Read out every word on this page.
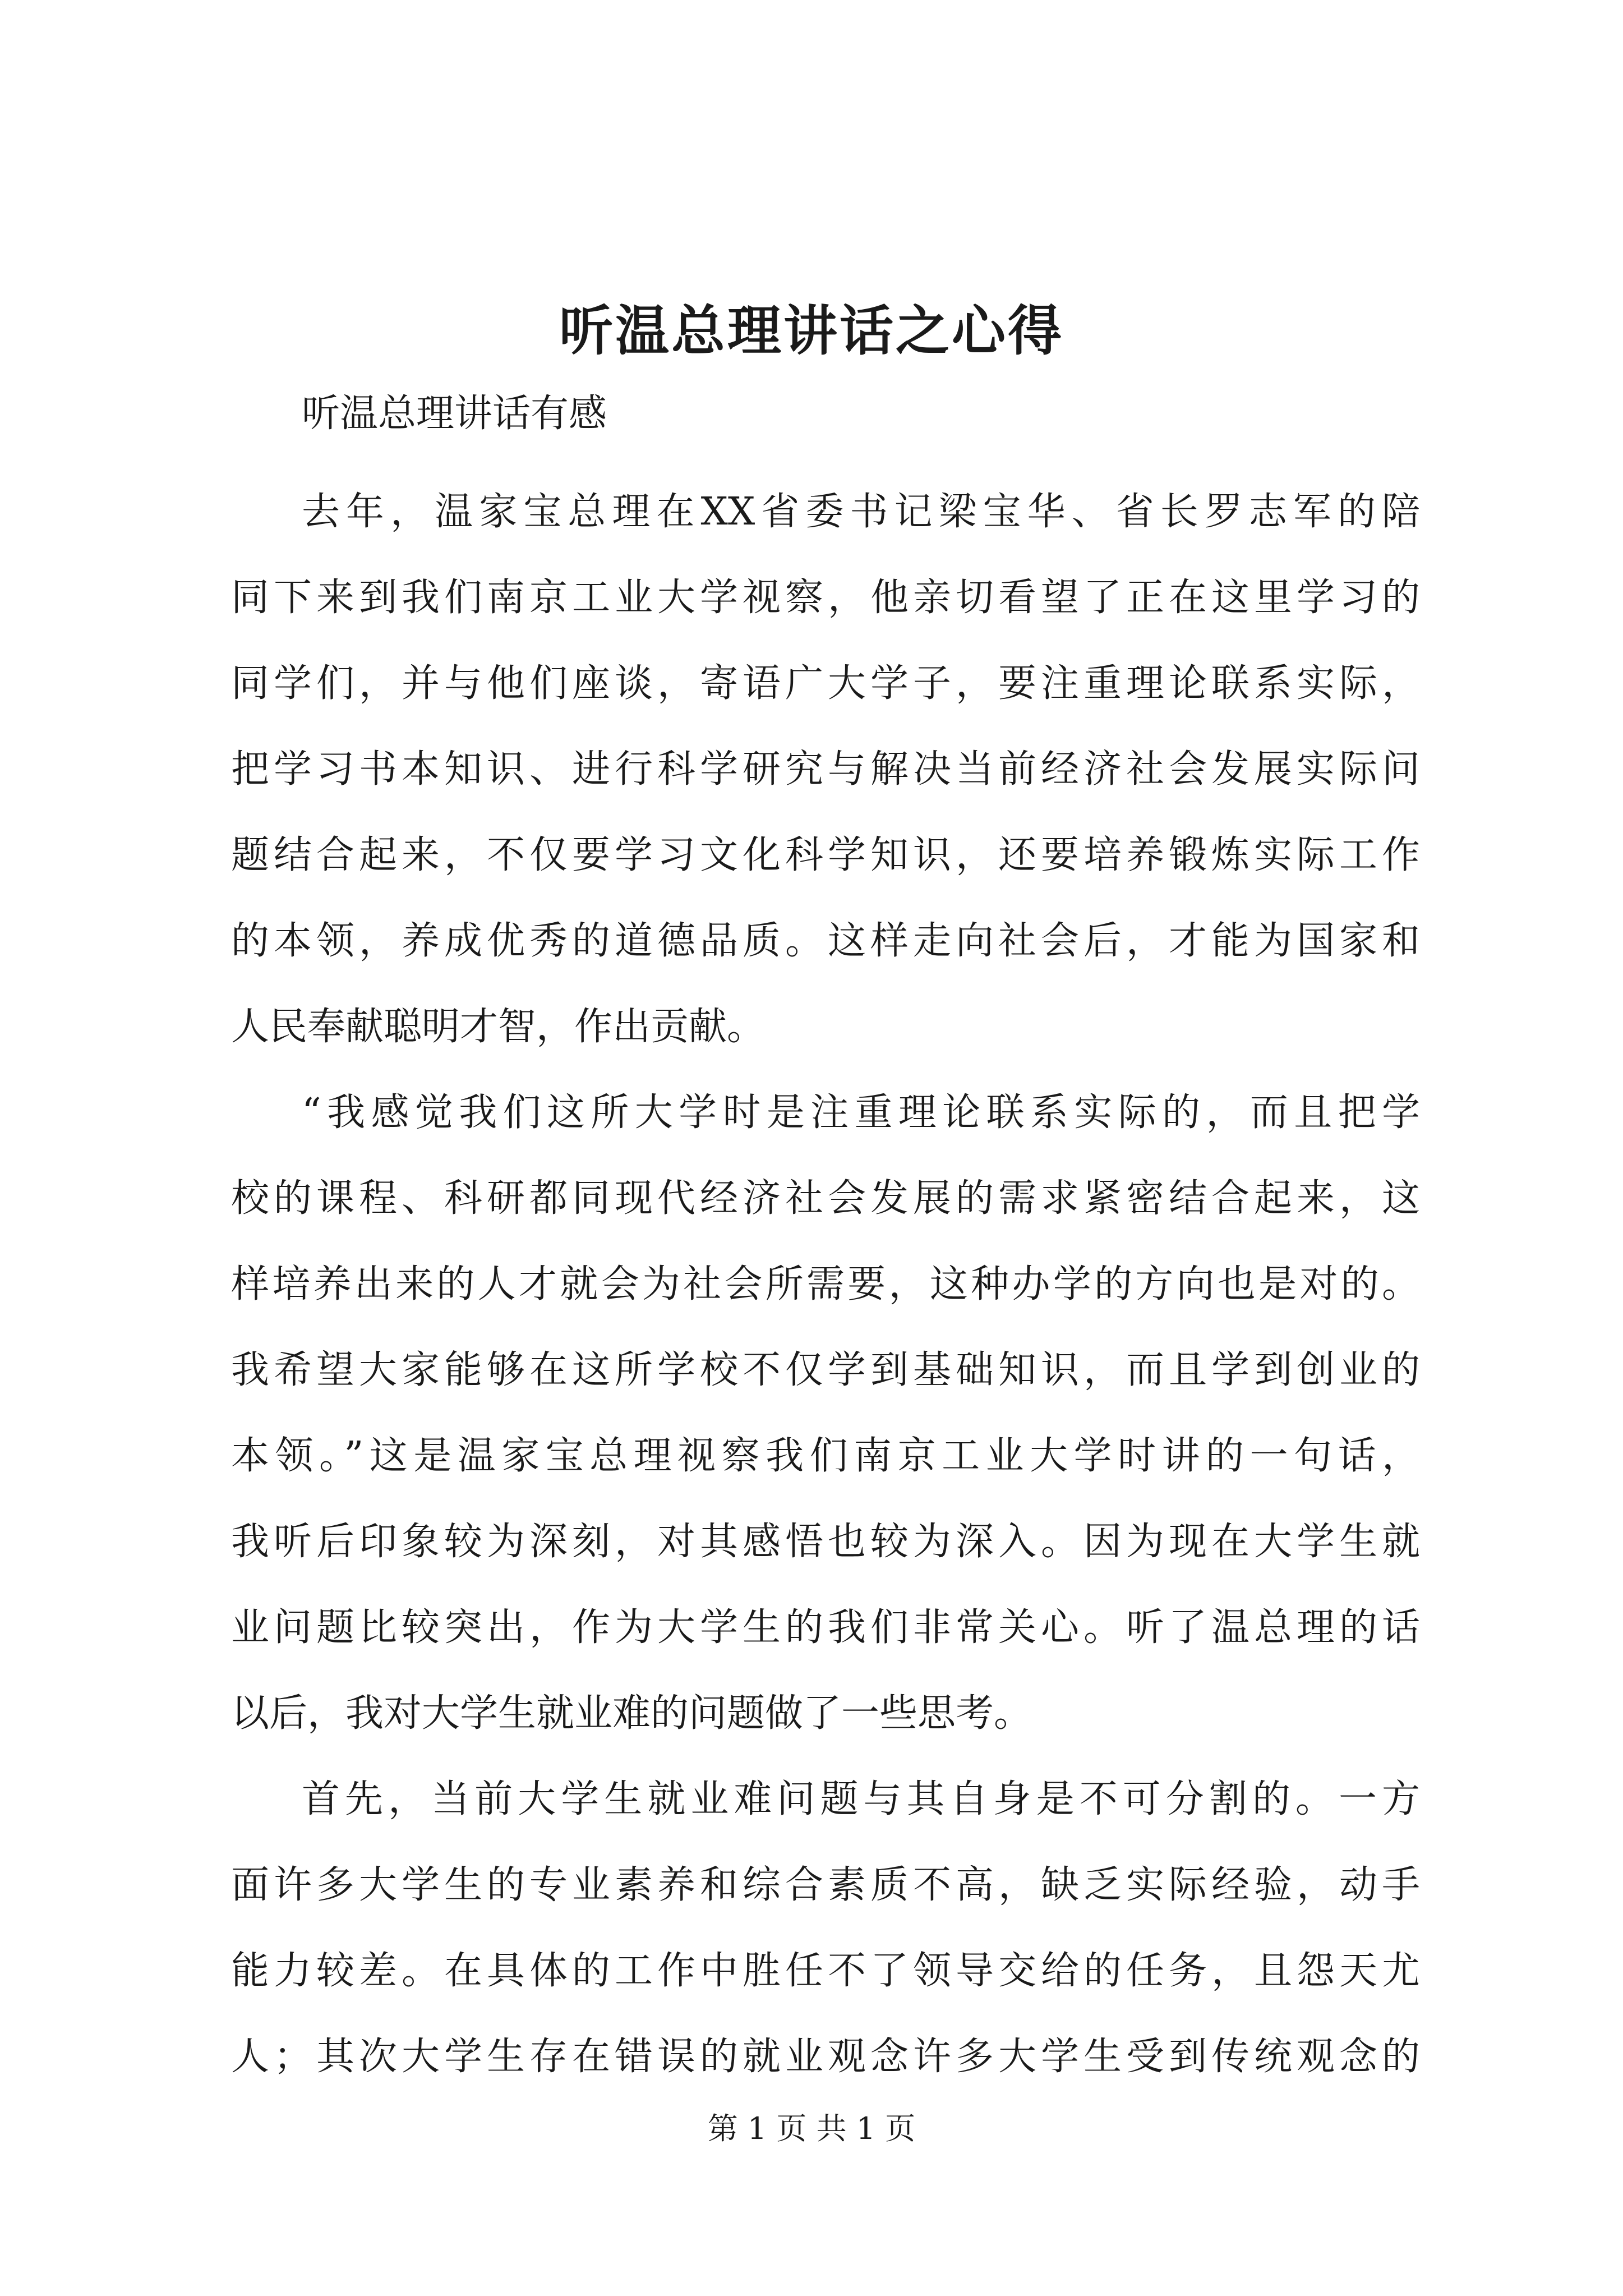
听温总理讲话之心得
听温总理讲话有感
去年，温家宝总理在XX省委书记梁宝华、省长罗志军的陪
同下来到我们南京工业大学视察，他亲切看望了正在这里学习的
同学们，并与他们座谈，寄语广大学子，要注重理论联系实际，
把学习书本知识、进行科学研究与解决当前经济社会发展实际问
题结合起来，不仅要学习文化科学知识，还要培养锻炼实际工作
的本领，养成优秀的道德品质。这样走向社会后，才能为国家和
人民奉献聪明才智，作出贡献。
“我感觉我们这所大学时是注重理论联系实际的，而且把学
校的课程、科研都同现代经济社会发展的需求紧密结合起来，这
样培养出来的人才就会为社会所需要，这种办学的方向也是对的。
我希望大家能够在这所学校不仅学到基础知识，而且学到创业的
本领。”这是温家宝总理视察我们南京工业大学时讲的一句话，
我听后印象较为深刻，对其感悟也较为深入。因为现在大学生就
业问题比较突出，作为大学生的我们非常关心。听了温总理的话
以后，我对大学生就业难的问题做了一些思考。
首先，当前大学生就业难问题与其自身是不可分割的。一方
面许多大学生的专业素养和综合素质不高，缺乏实际经验，动手
能力较差。在具体的工作中胜任不了领导交给的任务，且怨天尤
人；其次大学生存在错误的就业观念许多大学生受到传统观念的
第 1 页 共 1 页
